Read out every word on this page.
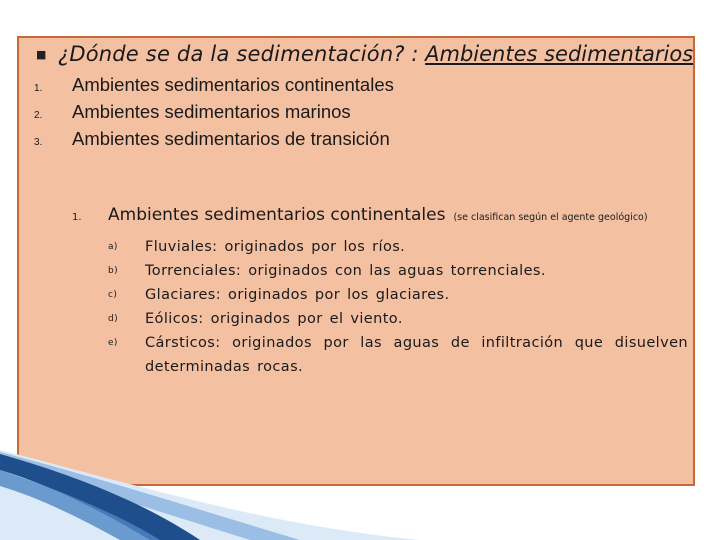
■ ¿Dónde se da la sedimentación? : Ambientes sedimentarios
1.	Ambientes sedimentarios continentales
2.	Ambientes sedimentarios marinos
3.	Ambientes sedimentarios de transición
1.	Ambientes sedimentarios continentales (se clasifican según el agente geológico)
a)	Fluviales: originados por los ríos.
b)	Torrenciales: originados con las aguas torrenciales.
c)	Glaciares: originados por los glaciares.
d)	Eólicos: originados por el viento.
e)	Cársticos: originados por las aguas de infiltración que disuelven determinadas rocas.
